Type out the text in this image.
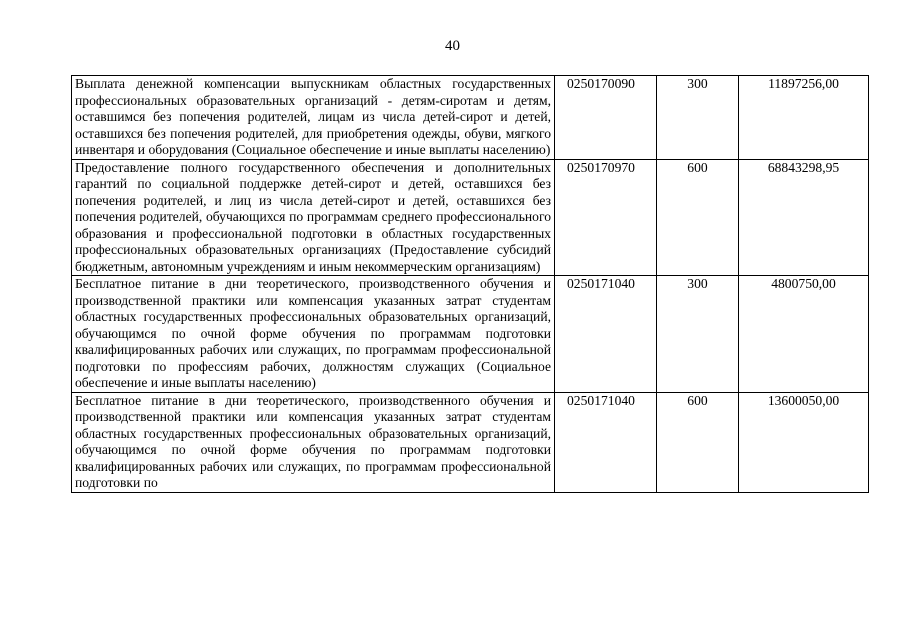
40
Выплата денежной компенсации выпускникам областных государственных профессиональных образовательных организаций - детям-сиротам и детям, оставшимся без попечения родителей, лицам из числа детей-сирот и детей, оставшихся без попечения родителей, для приобретения одежды, обуви, мягкого инвентаря и оборудования (Социальное обеспечение и иные выплаты населению)	0250170090	300	11897256,00
Предоставление полного государственного обеспечения и дополнительных гарантий по социальной поддержке детей-сирот и детей, оставшихся без попечения родителей, и лиц из числа детей-сирот и детей, оставшихся без попечения родителей, обучающихся по программам среднего профессионального образования и профессиональной подготовки в областных государственных профессиональных образовательных организациях (Предоставление субсидий бюджетным, автономным учреждениям и иным некоммерческим организациям)	0250170970	600	68843298,95
Бесплатное питание в дни теоретического, производственного обучения и производственной практики или компенсация указанных затрат студентам областных государственных профессиональных образовательных организаций, обучающимся по очной форме обучения по программам подготовки квалифицированных рабочих или служащих, по программам профессиональной подготовки по профессиям рабочих, должностям служащих (Социальное обеспечение и иные выплаты населению)	0250171040	300	4800750,00
Бесплатное питание в дни теоретического, производственного обучения и производственной практики или компенсация указанных затрат студентам областных государственных профессиональных образовательных организаций, обучающимся по очной форме обучения по программам подготовки квалифицированных рабочих или служащих, по программам профессиональной подготовки по	0250171040	600	13600050,00
